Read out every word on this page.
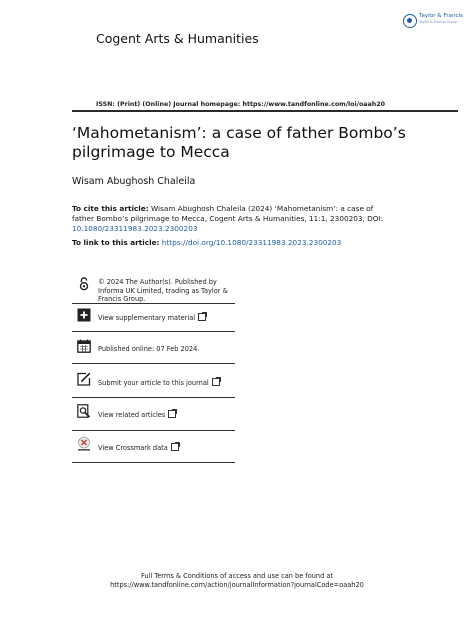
Cogent Arts & Humanities
Taylor & Francis
Taylor & Francis Group
ISSN: (Print) (Online) Journal homepage: https://www.tandfonline.com/loi/oaah20
‘Mahometanism’: a case of father Bombo’s pilgrimage to Mecca
Wisam Abughosh Chaleila
To cite this article: Wisam Abughosh Chaleila (2024) ‘Mahometanism’: a case of father Bombo’s pilgrimage to Mecca, Cogent Arts & Humanities, 11:1, 2300203, DOI: 10.1080/23311983.2023.2300203
To link to this article: https://doi.org/10.1080/23311983.2023.2300203
© 2024 The Author(s). Published by Informa UK Limited, trading as Taylor & Francis Group.
View supplementary material
Published online: 07 Feb 2024.
Submit your article to this journal
View related articles
View Crossmark data
Full Terms & Conditions of access and use can be found at
https://www.tandfonline.com/action/journalInformation?journalCode=oaah20
